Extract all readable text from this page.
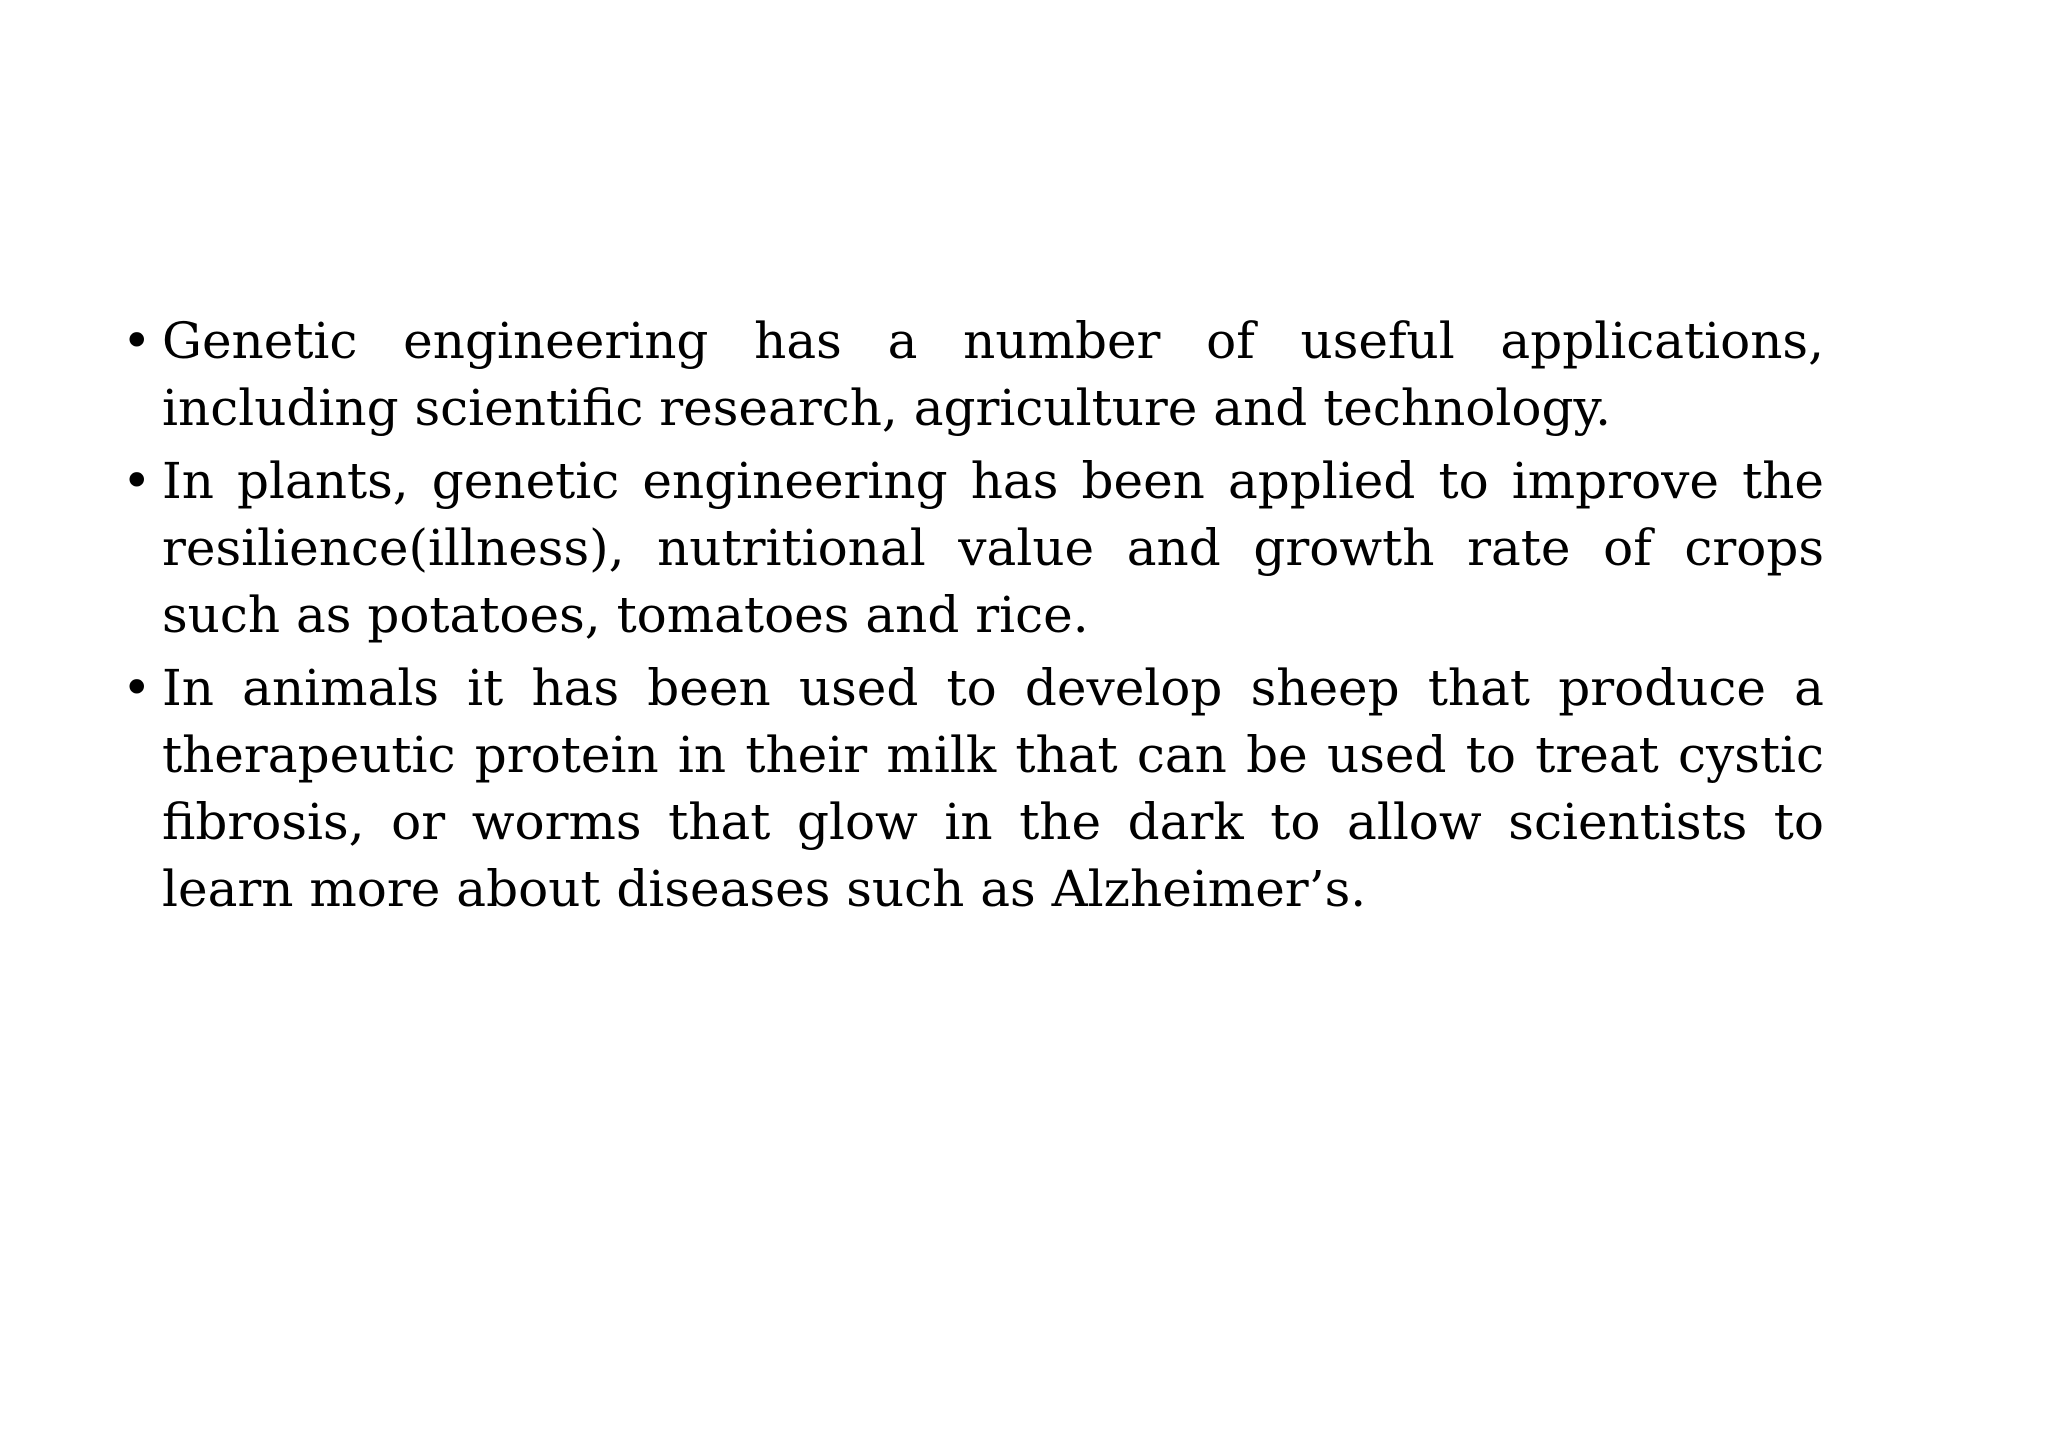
• Genetic engineering has a number of useful applications, including scientific research, agriculture and technology.
• In plants, genetic engineering has been applied to improve the resilience(illness), nutritional value and growth rate of crops such as potatoes, tomatoes and rice.
• In animals it has been used to develop sheep that produce a therapeutic protein in their milk that can be used to treat cystic fibrosis, or worms that glow in the dark to allow scientists to learn more about diseases such as Alzheimer’s.
